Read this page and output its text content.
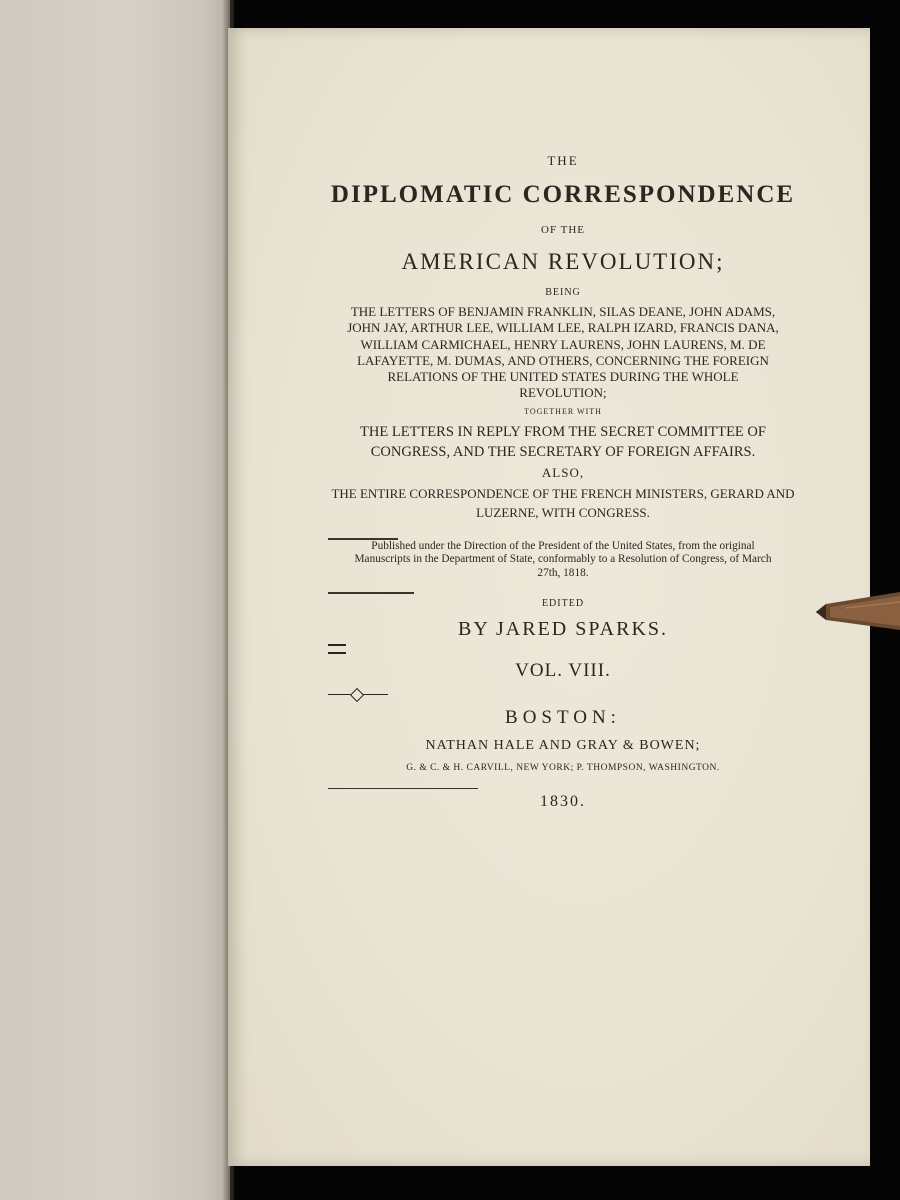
THE
DIPLOMATIC CORRESPONDENCE
OF THE
AMERICAN REVOLUTION;
BEING
THE LETTERS OF BENJAMIN FRANKLIN, SILAS DEANE, JOHN ADAMS, JOHN JAY, ARTHUR LEE, WILLIAM LEE, RALPH IZARD, FRANCIS DANA, WILLIAM CARMICHAEL, HENRY LAURENS, JOHN LAURENS, M. DE LAFAYETTE, M. DUMAS, AND OTHERS, CONCERNING THE FOREIGN RELATIONS OF THE UNITED STATES DURING THE WHOLE REVOLUTION;
TOGETHER WITH
THE LETTERS IN REPLY FROM THE SECRET COMMITTEE OF CONGRESS, AND THE SECRETARY OF FOREIGN AFFAIRS.
ALSO,
THE ENTIRE CORRESPONDENCE OF THE FRENCH MINISTERS, GERARD AND LUZERNE, WITH CONGRESS.
Published under the Direction of the President of the United States, from the original Manuscripts in the Department of State, conformably to a Resolution of Congress, of March 27th, 1818.
EDITED
BY JARED SPARKS.
VOL. VIII.
BOSTON:
NATHAN HALE AND GRAY & BOWEN;
G. & C. & H. CARVILL, NEW YORK; P. THOMPSON, WASHINGTON.
1830.
